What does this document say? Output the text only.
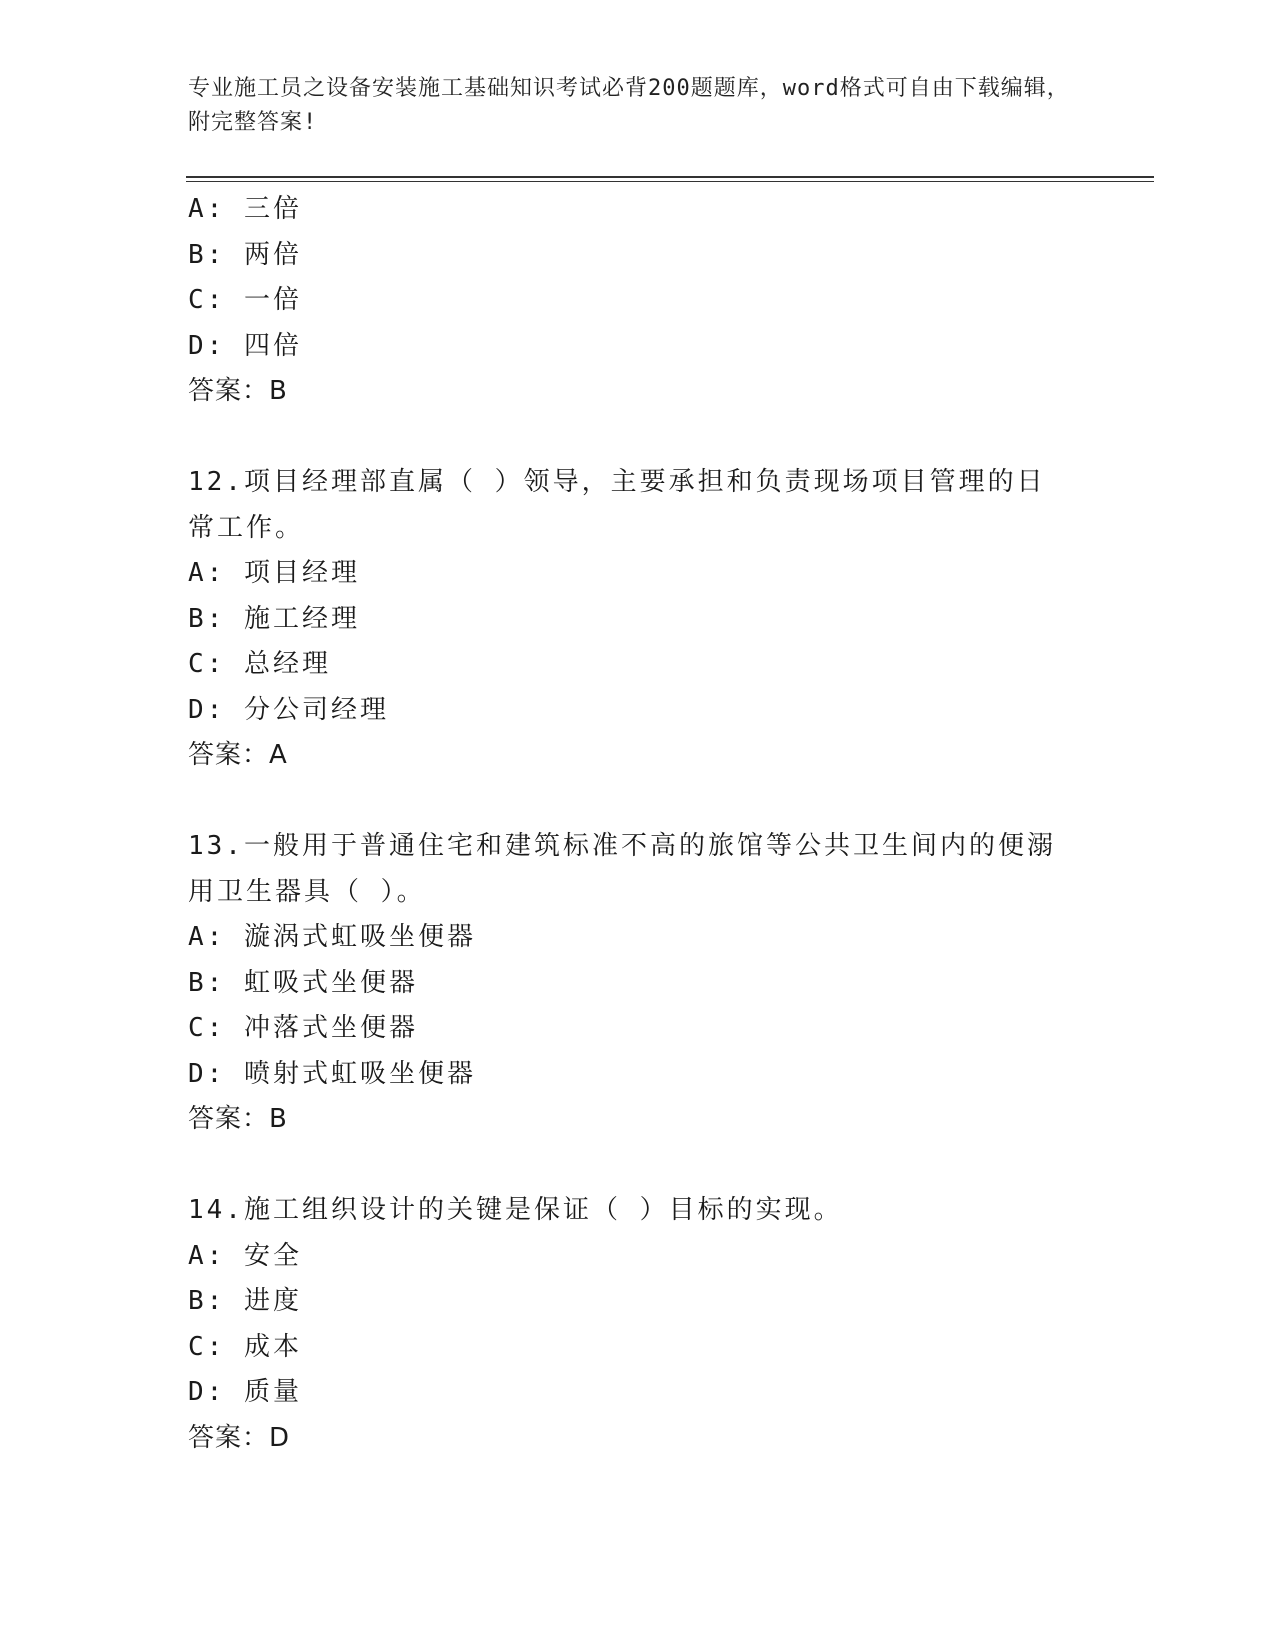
专业施工员之设备安装施工基础知识考试必背200题题库，word格式可自由下载编辑，附完整答案!
A: 三倍
B: 两倍
C: 一倍
D: 四倍
答案：B
12.项目经理部直属（ ）领导，主要承担和负责现场项目管理的日常工作。
A: 项目经理
B: 施工经理
C: 总经理
D: 分公司经理
答案：A
13.一般用于普通住宅和建筑标准不高的旅馆等公共卫生间内的便溺用卫生器具（ ）。
A: 漩涡式虹吸坐便器
B: 虹吸式坐便器
C: 冲落式坐便器
D: 喷射式虹吸坐便器
答案：B
14.施工组织设计的关键是保证（ ）目标的实现。
A: 安全
B: 进度
C: 成本
D: 质量
答案：D
